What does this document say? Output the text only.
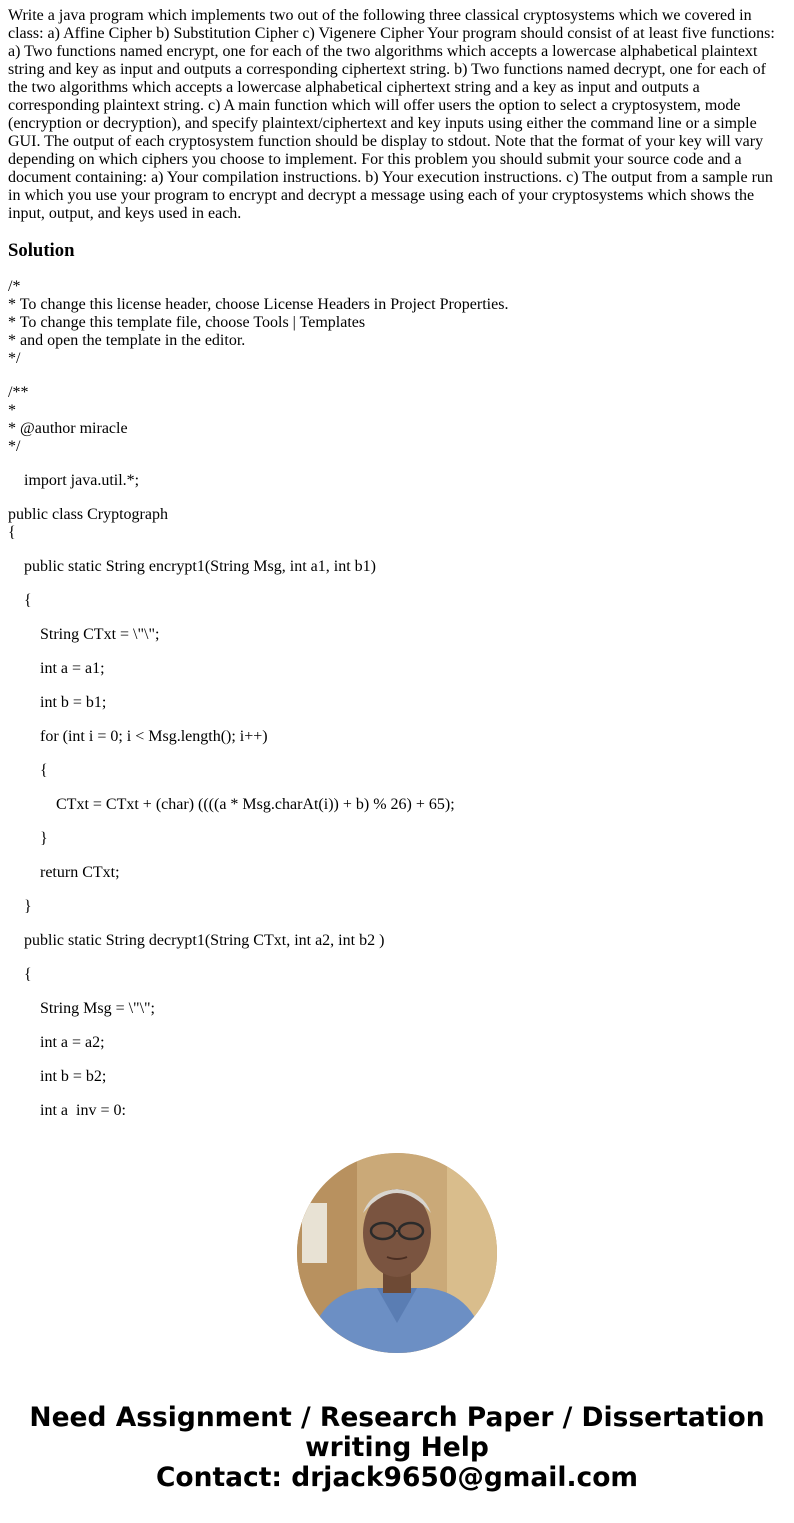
Write a java program which implements two out of the following three classical cryptosystems which we covered in class: a) Affine Cipher b) Substitution Cipher c) Vigenere Cipher Your program should consist of at least five functions: a) Two functions named encrypt, one for each of the two algorithms which accepts a lowercase alphabetical plaintext string and key as input and outputs a corresponding ciphertext string. b) Two functions named decrypt, one for each of the two algorithms which accepts a lowercase alphabetical ciphertext string and a key as input and outputs a corresponding plaintext string. c) A main function which will offer users the option to select a cryptosystem, mode (encryption or decryption), and specify plaintext/ciphertext and key inputs using either the command line or a simple GUI. The output of each cryptosystem function should be display to stdout. Note that the format of your key will vary depending on which ciphers you choose to implement. For this problem you should submit your source code and a document containing: a) Your compilation instructions. b) Your execution instructions. c) The output from a sample run in which you use your program to encrypt and decrypt a message using each of your cryptosystems which shows the input, output, and keys used in each.

Solution
/*
* To change this license header, choose License Headers in Project Properties.
* To change this template file, choose Tools | Templates
* and open the template in the editor.
*/
/**
*
* @author miracle
*/
import java.util.*;
public class Cryptograph
{
public static String encrypt1(String Msg, int a1, int b1)
{
String CTxt = \"\";
int a = a1;
int b = b1;
for (int i = 0; i < Msg.length(); i++)
{
CTxt = CTxt + (char) ((((a * Msg.charAt(i)) + b) % 26) + 65);
}
return CTxt;
}
public static String decrypt1(String CTxt, int a2, int b2 )
{
String Msg = \"\";
int a = a2;
int b = b2;
int a  inv = 0:
Need Assignment / Research Paper / Dissertation
writing Help
Contact: drjack9650@gmail.com
